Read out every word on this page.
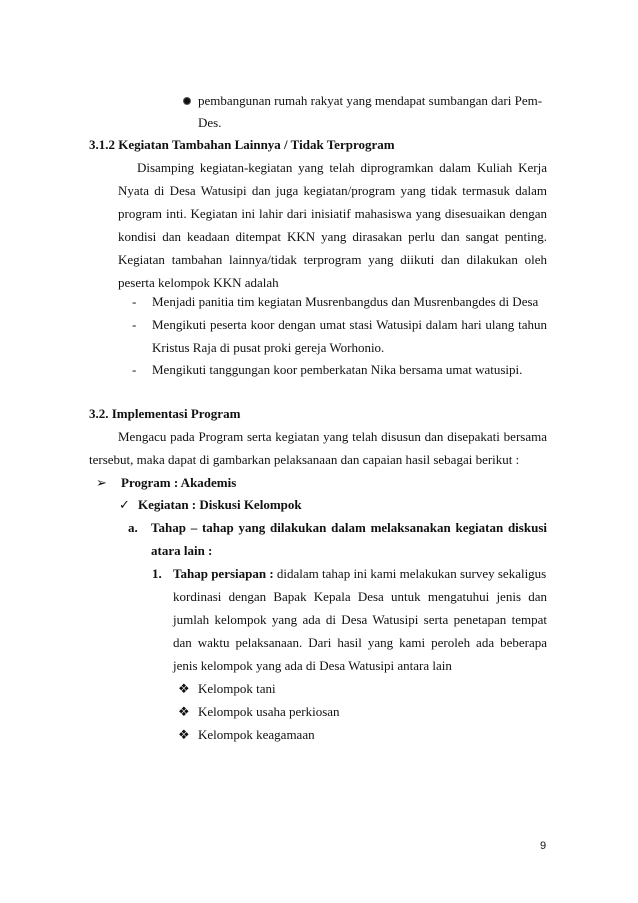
pembangunan rumah rakyat yang mendapat sumbangan dari Pem-
Des.
3.1.2 Kegiatan Tambahan Lainnya / Tidak Terprogram
Disamping kegiatan-kegiatan yang telah diprogramkan dalam Kuliah Kerja
Nyata di Desa Watusipi dan juga kegiatan/program yang tidak termasuk dalam
program inti. Kegiatan ini lahir dari inisiatif mahasiswa yang disesuaikan dengan
kondisi dan keadaan ditempat KKN yang dirasakan perlu dan sangat penting.
Kegiatan tambahan lainnya/tidak terprogram yang diikuti dan dilakukan oleh
peserta kelompok KKN adalah
- Menjadi panitia tim kegiatan Musrenbangdus dan Musrenbangdes di Desa
- Mengikuti peserta koor dengan umat stasi Watusipi dalam hari ulang tahun
Kristus Raja di pusat proki gereja Worhonio.
- Mengikuti tanggungan koor pemberkatan Nika bersama umat watusipi.
3.2. Implementasi Program
Mengacu pada Program serta kegiatan yang telah disusun dan disepakati bersama
tersebut, maka dapat di gambarkan pelaksanaan dan capaian hasil sebagai berikut :
➢ Program : Akademis
✓ Kegiatan : Diskusi Kelompok
a. Tahap – tahap yang dilakukan dalam melaksanakan kegiatan diskusi
atara lain :
1. Tahap persiapan : didalam tahap ini kami melakukan survey sekaligus
kordinasi dengan Bapak Kepala Desa untuk mengatuhui jenis dan
jumlah kelompok yang ada di Desa Watusipi serta penetapan tempat
dan waktu pelaksanaan. Dari hasil yang kami peroleh ada beberapa
jenis kelompok yang ada di Desa Watusipi antara lain
❖ Kelompok tani
❖ Kelompok usaha perkiosan
❖ Kelompok keagamaan
9
